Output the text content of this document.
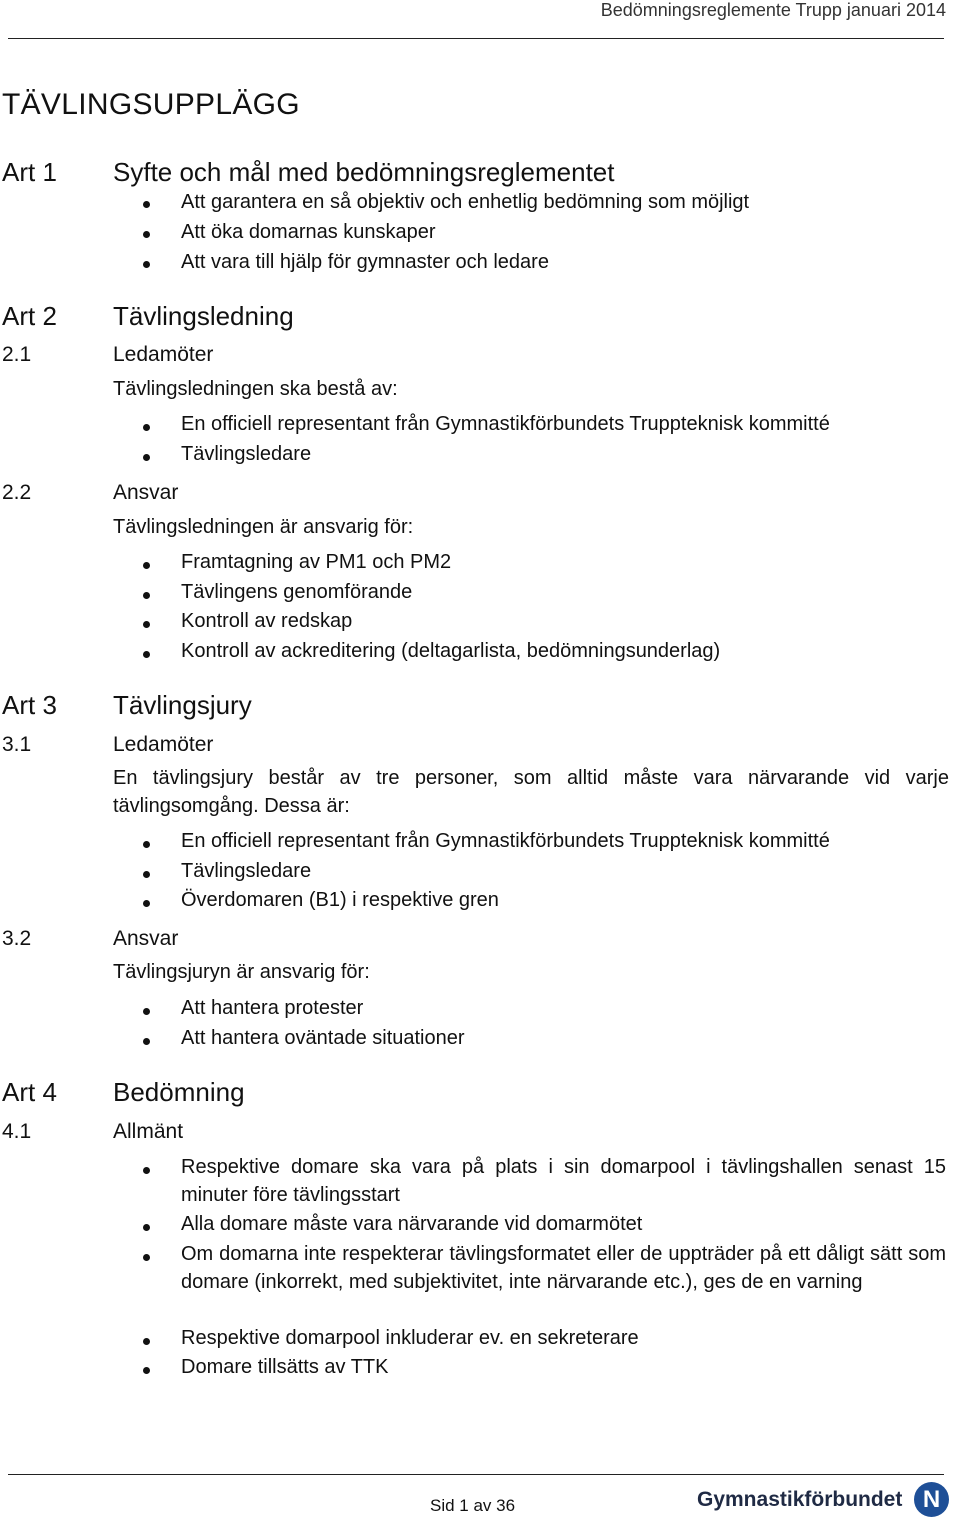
Bedömningsreglemente Trupp januari 2014
TÄVLINGSUPPLÄGG
Art 1 Syfte och mål med bedömningsreglementet
Att garantera en så objektiv och enhetlig bedömning som möjligt
Att öka domarnas kunskaper
Att vara till hjälp för gymnaster och ledare
Art 2 Tävlingsledning
2.1	Ledamöter
Tävlingsledningen ska bestå av:
En officiell representant från Gymnastikförbundets Truppteknisk kommitté
Tävlingsledare
2.2	Ansvar
Tävlingsledningen är ansvarig för:
Framtagning av PM1 och PM2
Tävlingens genomförande
Kontroll av redskap
Kontroll av ackreditering (deltagarlista, bedömningsunderlag)
Art 3 Tävlingsjury
3.1	Ledamöter
En tävlingsjury består av tre personer, som alltid måste vara närvarande vid varje tävlingsomgång. Dessa är:
En officiell representant från Gymnastikförbundets Truppteknisk kommitté
Tävlingsledare
Överdomaren (B1) i respektive gren
3.2	Ansvar
Tävlingsjuryn är ansvarig för:
Att hantera protester
Att hantera oväntade situationer
Art 4 Bedömning
4.1	Allmänt
Respektive domare ska vara på plats i sin domarpool i tävlingshallen senast 15 minuter före tävlingsstart
Alla domare måste vara närvarande vid domarmötet
Om domarna inte respekterar tävlingsformatet eller de uppträder på ett dåligt sätt som domare (inkorrekt, med subjektivitet, inte närvarande etc.), ges de en varning
Respektive domarpool inkluderar ev. en sekreterare
Domare tillsätts av TTK
Sid 1 av 36	Gymnastikförbundet N
